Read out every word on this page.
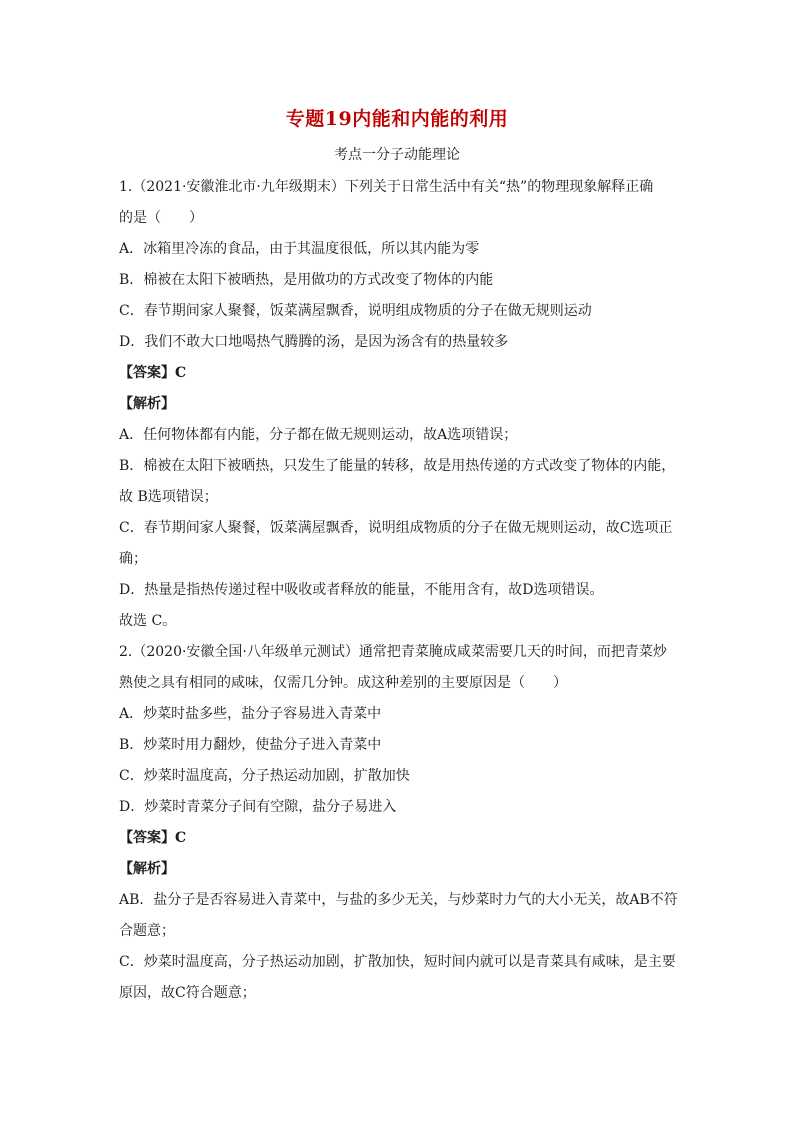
专题19内能和内能的利用
考点一分子动能理论
1.（2021·安徽淮北市·九年级期末）下列关于日常生活中有关“热”的物理现象解释正确
的是（　　）
A．冰箱里冷冻的食品，由于其温度很低，所以其内能为零
B．棉被在太阳下被晒热，是用做功的方式改变了物体的内能
C．春节期间家人聚餐，饭菜满屋飘香，说明组成物质的分子在做无规则运动
D．我们不敢大口地喝热气腾腾的汤，是因为汤含有的热量较多
【答案】C
【解析】
A．任何物体都有内能，分子都在做无规则运动，故A选项错误；
B．棉被在太阳下被晒热，只发生了能量的转移，故是用热传递的方式改变了物体的内能，
故 B选项错误；
C．春节期间家人聚餐，饭菜满屋飘香，说明组成物质的分子在做无规则运动，故C选项正
确；
D．热量是指热传递过程中吸收或者释放的能量，不能用含有，故D选项错误。
故选 C。
2.（2020·安徽全国·八年级单元测试）通常把青菜腌成咸菜需要几天的时间，而把青菜炒
熟使之具有相同的咸味，仅需几分钟。成这种差别的主要原因是（　　）
A．炒菜时盐多些，盐分子容易进入青菜中
B．炒菜时用力翻炒，使盐分子进入青菜中
C．炒菜时温度高，分子热运动加剧，扩散加快
D．炒菜时青菜分子间有空隙，盐分子易进入
【答案】C
【解析】
AB．盐分子是否容易进入青菜中，与盐的多少无关，与炒菜时力气的大小无关，故AB不符
合题意；
C．炒菜时温度高，分子热运动加剧，扩散加快，短时间内就可以是青菜具有咸味，是主要
原因，故C符合题意；
